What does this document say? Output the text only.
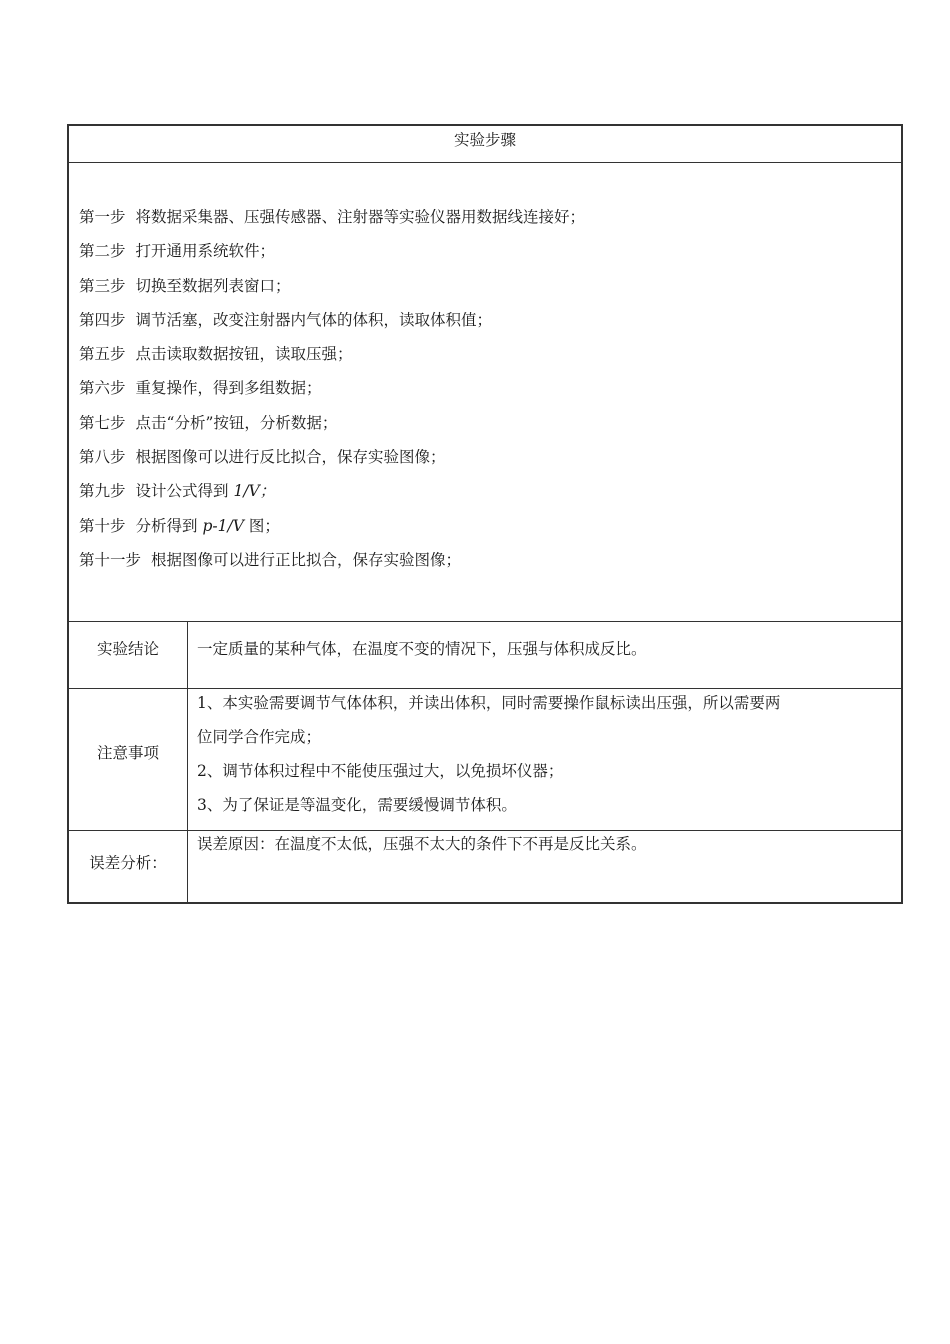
实验步骤
第一步 将数据采集器、压强传感器、注射器等实验仪器用数据线连接好；
第二步 打开通用系统软件；
第三步 切换至数据列表窗口；
第四步 调节活塞，改变注射器内气体的体积，读取体积值；
第五步 点击读取数据按钮，读取压强；
第六步 重复操作，得到多组数据；
第七步 点击“分析”按钮，分析数据；
第八步 根据图像可以进行反比拟合，保存实验图像；
第九步 设计公式得到 1/V；
第十步 分析得到 p-1/V 图；
第十一步 根据图像可以进行正比拟合，保存实验图像；
实验结论	一定质量的某种气体，在温度不变的情况下，压强与体积成反比。
注意事项
1、本实验需要调节气体体积，并读出体积，同时需要操作鼠标读出压强，所以需要两
位同学合作完成；
2、调节体积过程中不能使压强过大，以免损坏仪器；
3、为了保证是等温变化，需要缓慢调节体积。
误差分析：
误差原因：在温度不太低，压强不太大的条件下不再是反比关系。
